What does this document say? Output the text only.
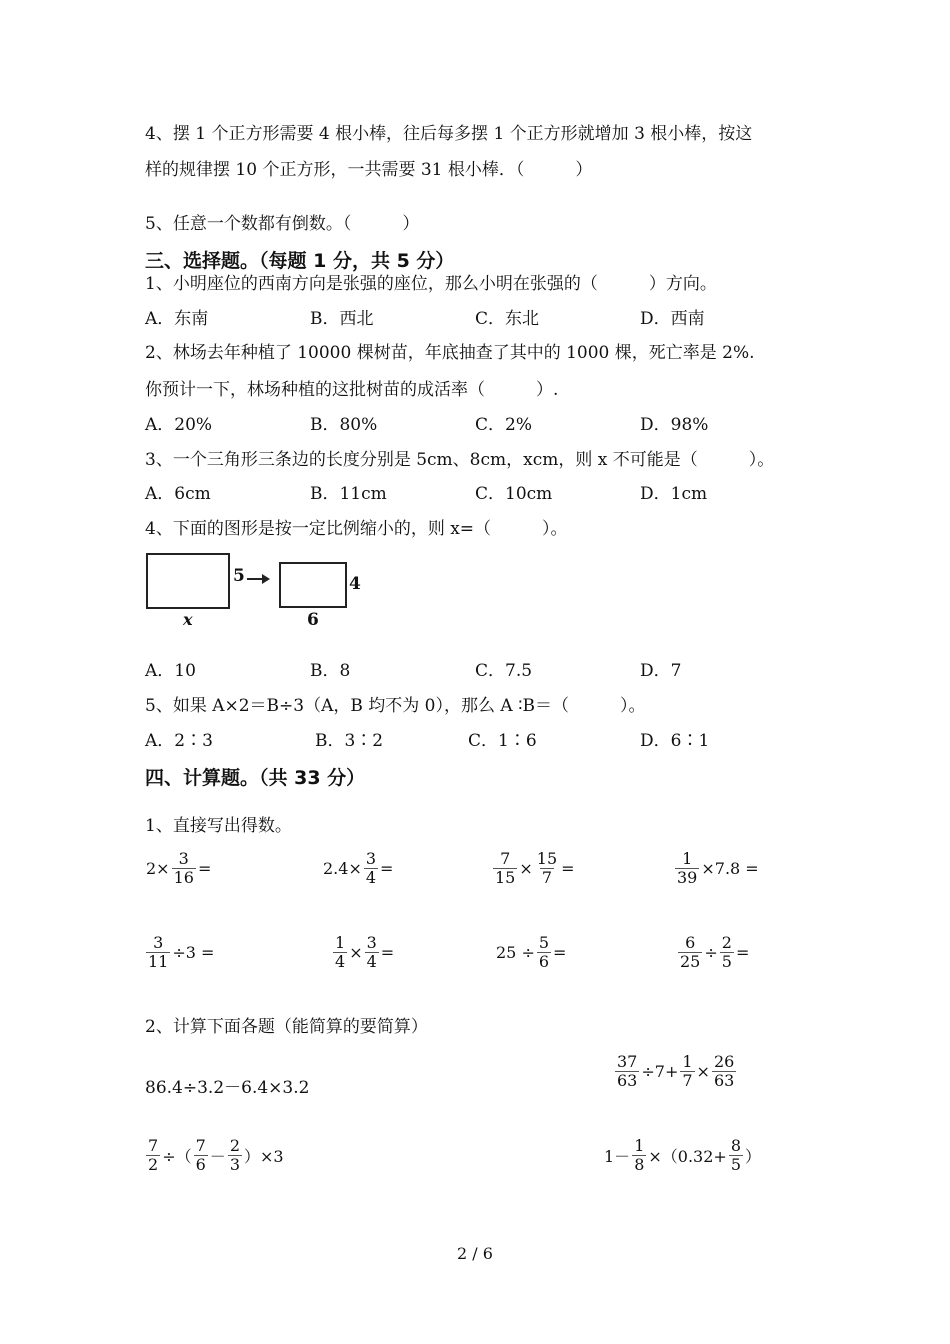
4、摆 1 个正方形需要 4 根小棒，往后每多摆 1 个正方形就增加 3 根小棒，按这
样的规律摆 10 个正方形，一共需要 31 根小棒．（　　　）
5、任意一个数都有倒数。（　　　）
三、选择题。（每题 1 分，共 5 分）
1、小明座位的西南方向是张强的座位，那么小明在张强的（　　　）方向。
A．东南	B．西北	C．东北	D．西南
2、林场去年种植了 10000 棵树苗，年底抽查了其中的 1000 棵，死亡率是 2%.
你预计一下，林场种植的这批树苗的成活率（　　　）.
A．20%	B．80%	C．2%	D．98%
3、一个三角形三条边的长度分别是 5cm、8cm，xcm，则 x 不可能是（　　　）。
A．6cm	B．11cm	C．10cm	D．1cm
4、下面的图形是按一定比例缩小的，则 x=（　　　）。
x
5	4
6
A．10	B．8	C．7.5	D．7
5、如果 A×2＝B÷3（A，B 均不为 0），那么 A ∶B＝（　　　）。
A．2∶3	B．3∶2	C．1∶6	D．6∶1
四、计算题。（共 33 分）
1、直接写出得数。
$2\times \frac{3}{16}$ =	$2.4\times \frac{3}{4}$ =	$\frac{7}{15} \times \frac{15}{7}$ =	$\frac{1}{39} \times 7.8$ =
$\frac{3}{11} \div 3$ =	$\frac{1}{4} \times \frac{3}{4}$ =	$25 \div \frac{5}{6}$ =	$\frac{6}{25} \div \frac{2}{5}$ =
2、计算下面各题（能简算的要简算）
86.4÷3.2－6.4×3.2	$\frac{37}{63} \div 7+ \frac{1}{7} \times \frac{26}{63}$
$\frac{7}{2}$ ÷（ $\frac{7}{6} - \frac{2}{3} )\times 3$	$1- \frac{1}{8} \times(0.32+ \frac{8}{5}$ ）
2 / 6
